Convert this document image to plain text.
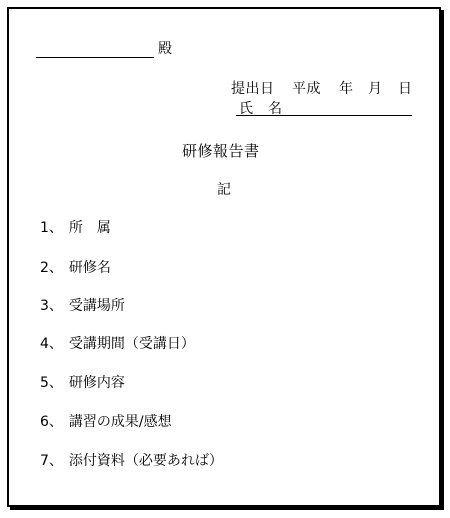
殿
提出日 平成 年 月 日
氏　名
研修報告書
記
1、 所　属
2、 研修名
3、 受講場所
4、 受講期間（受講日）
5、 研修内容
6、 講習の成果/感想
7、 添付資料（必要あれば）
